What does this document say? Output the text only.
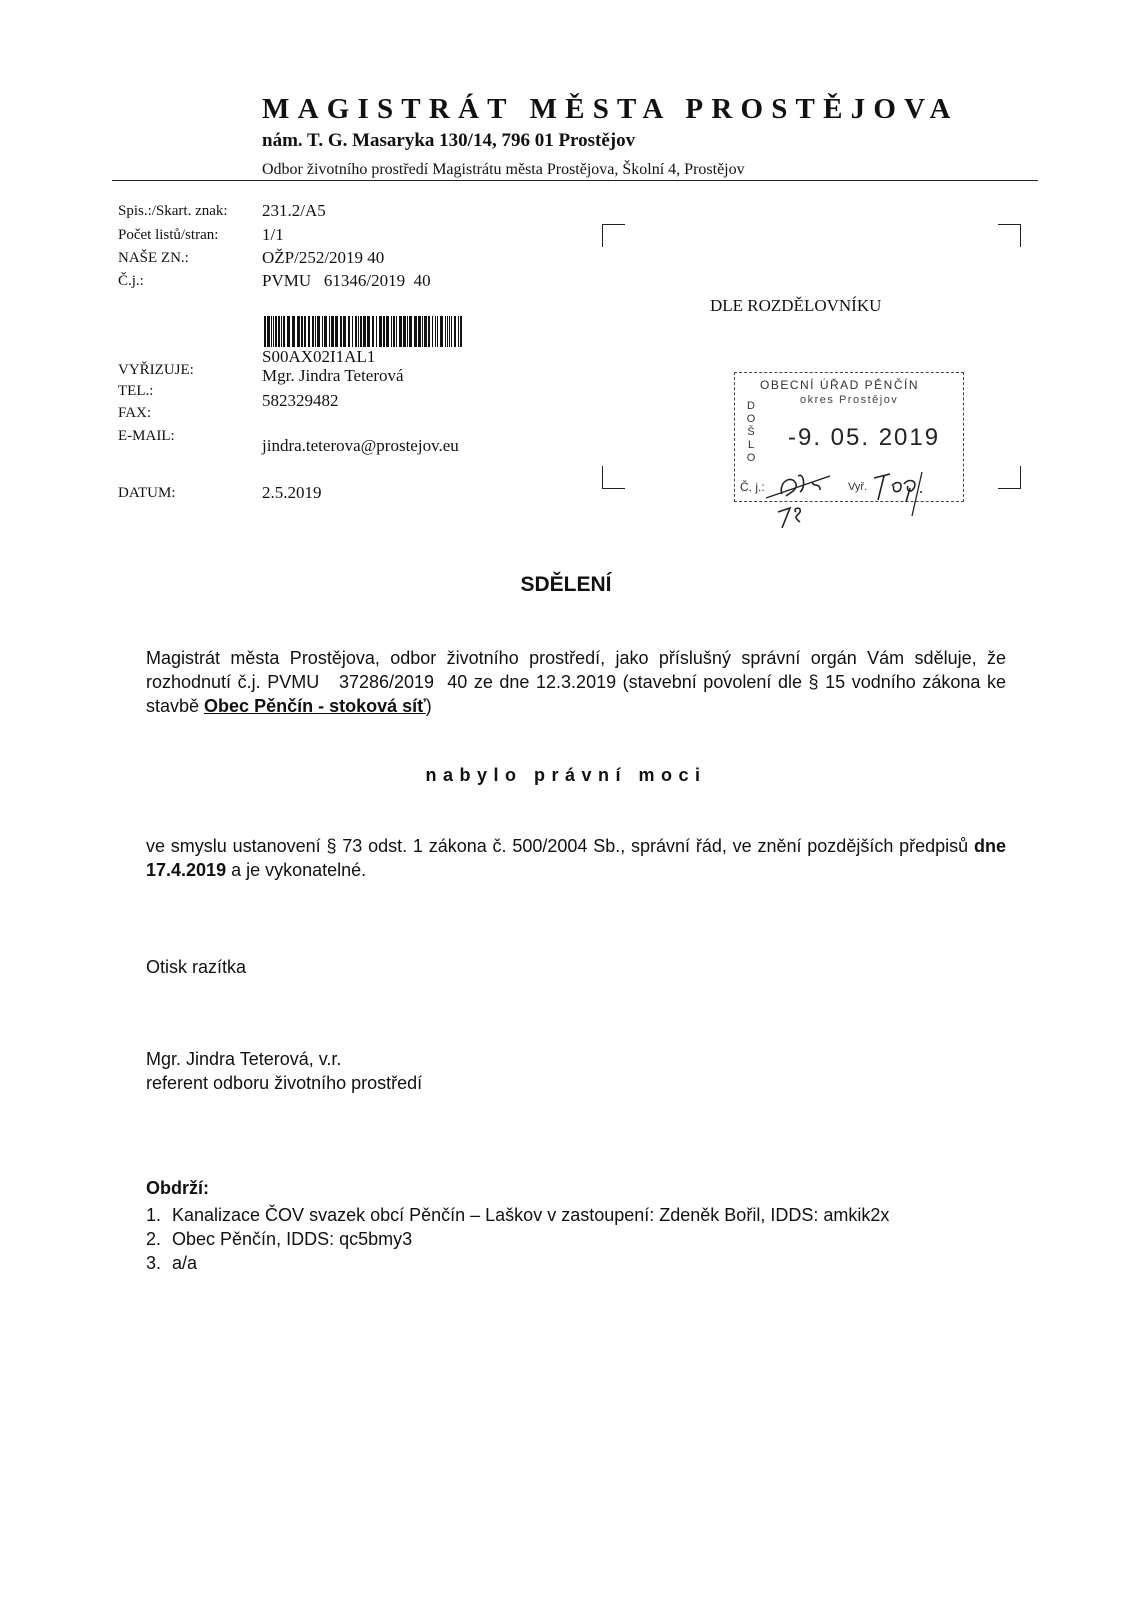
MAGISTRÁT MĚSTA PROSTĚJOVA
nám. T. G. Masaryka 130/14, 796 01 Prostějov
Odbor životního prostředí Magistrátu města Prostějova, Školní 4, Prostějov
Spis.:/Skart. znak: 231.2/A5
Počet listů/stran:	1/1
NAŠE ZN.:	OŽP/252/2019 40
Č.j.:	PVMU   61346/2019  40
S00AX02I1AL1
VYŘIZUJE:	Mgr. Jindra Teterová
TEL.:	582329482
FAX:
E-MAIL:	jindra.teterova@prostejov.eu
DATUM:	2.5.2019
DLE ROZDĚLOVNÍKU
OBECNÍ ÚŘAD PĚNČÍN
okres Prostějov
D
O
Š
L
O
-9. 05. 2019
Č. j.:	Vyř.
SDĚLENÍ
Magistrát města Prostějova, odbor životního prostředí, jako příslušný správní orgán Vám sděluje, že rozhodnutí č.j. PVMU   37286/2019  40 ze dne 12.3.2019 (stavební povolení dle § 15 vodního zákona ke stavbě Obec Pěnčín - stoková síť)
nabylo právní moci
ve smyslu ustanovení § 73 odst. 1 zákona č. 500/2004 Sb., správní řád, ve znění pozdějších předpisů dne 17.4.2019 a je vykonatelné.
Otisk razítka
Mgr. Jindra Teterová, v.r.
referent odboru životního prostředí
Obdrží:
1. Kanalizace ČOV svazek obcí Pěnčín – Laškov v zastoupení: Zdeněk Bořil, IDDS: amkik2x
2. Obec Pěnčín, IDDS: qc5bmy3
3. a/a
